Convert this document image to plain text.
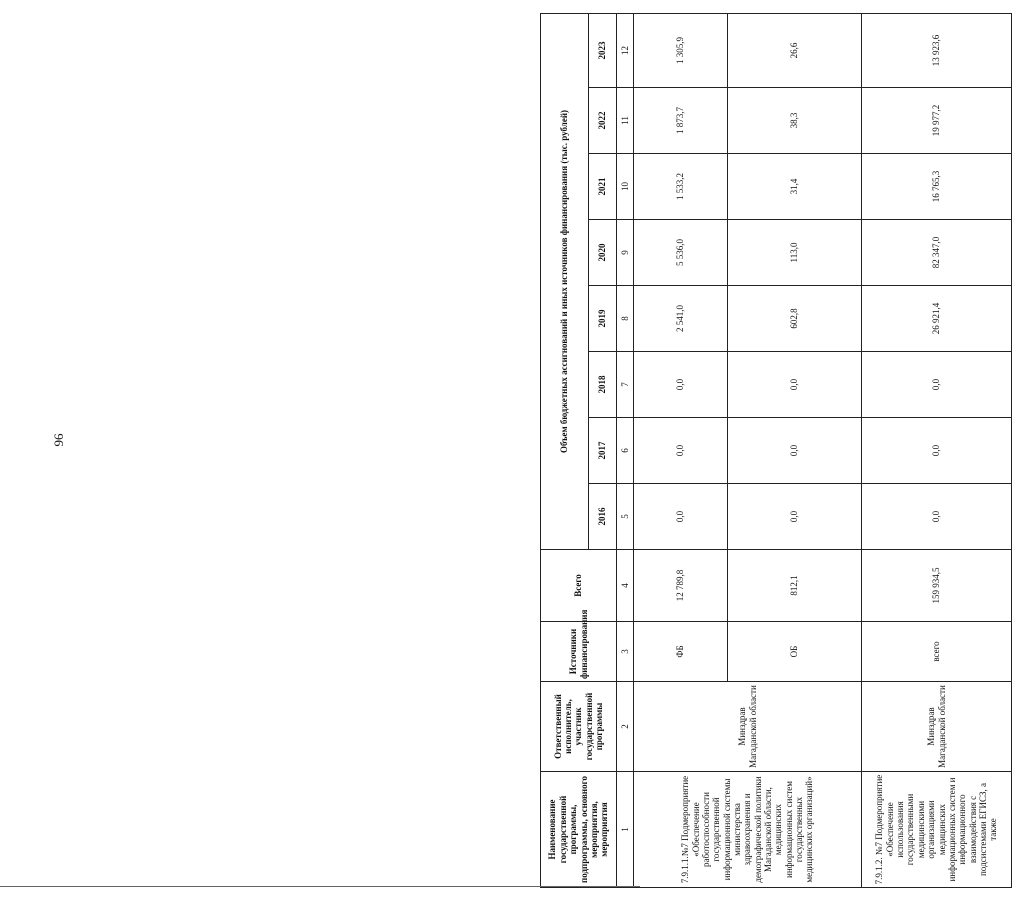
96
Наименование государственной программы, подпрограммы, основного мероприятия, мероприятия	Ответственный исполнитель, участник государственной программы	Источники финансирования	Всего	Объем бюджетных ассигнований и иных источников финансирования (тыс. рублей)							
				2016	2017	2018	2019	2020	2021	2022	2023
1	2	3	4	5	6	7	8	9	10	11	12
7.9.1.1.№7 Подмероприятие «Обеспечение работоспособности государственной информационной системы министерства здравоохранения и демографической политики Магаданской области, медицинских информационных систем государственных медицинских организаций»	Минздрав Магаданской области	ФБ	12 789,8	0,0	0,0	0,0	2 541,0	5 536,0	1 533,2	1 873,7	1 305,9
		ОБ	812,1	0,0	0,0	0,0	602,8	113,0	31,4	38,3	26,6
7.9.1.2. №7 Подмероприятие «Обеспечение использования государственными медицинскими организациями медицинских информационных систем и информационного взаимодействия с подсистемами ЕГИСЗ, а также	Минздрав Магаданской области	всего	159 934,5	0,0	0,0	0,0	26 921,4	82 347,0	16 765,3	19 977,2	13 923,6
